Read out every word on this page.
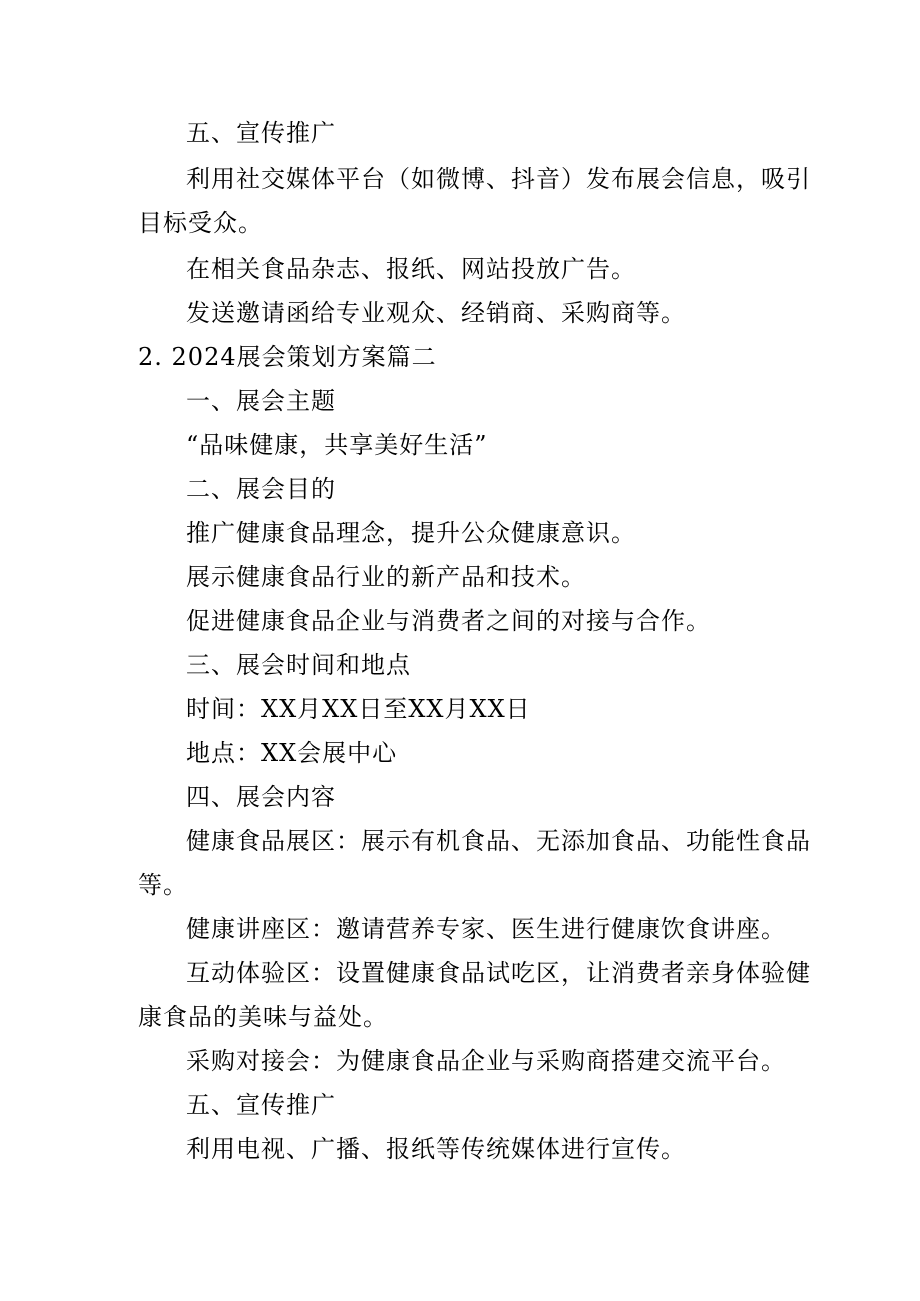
五、宣传推广
利用社交媒体平台（如微博、抖音）发布展会信息，吸引
目标受众。
在相关食品杂志、报纸、网站投放广告。
发送邀请函给专业观众、经销商、采购商等。
2. 2024展会策划方案篇二
一、展会主题
“品味健康，共享美好生活”
二、展会目的
推广健康食品理念，提升公众健康意识。
展示健康食品行业的新产品和技术。
促进健康食品企业与消费者之间的对接与合作。
三、展会时间和地点
时间：XX月XX日至XX月XX日
地点：XX会展中心
四、展会内容
健康食品展区：展示有机食品、无添加食品、功能性食品
等。
健康讲座区：邀请营养专家、医生进行健康饮食讲座。
互动体验区：设置健康食品试吃区，让消费者亲身体验健
康食品的美味与益处。
采购对接会：为健康食品企业与采购商搭建交流平台。
五、宣传推广
利用电视、广播、报纸等传统媒体进行宣传。
